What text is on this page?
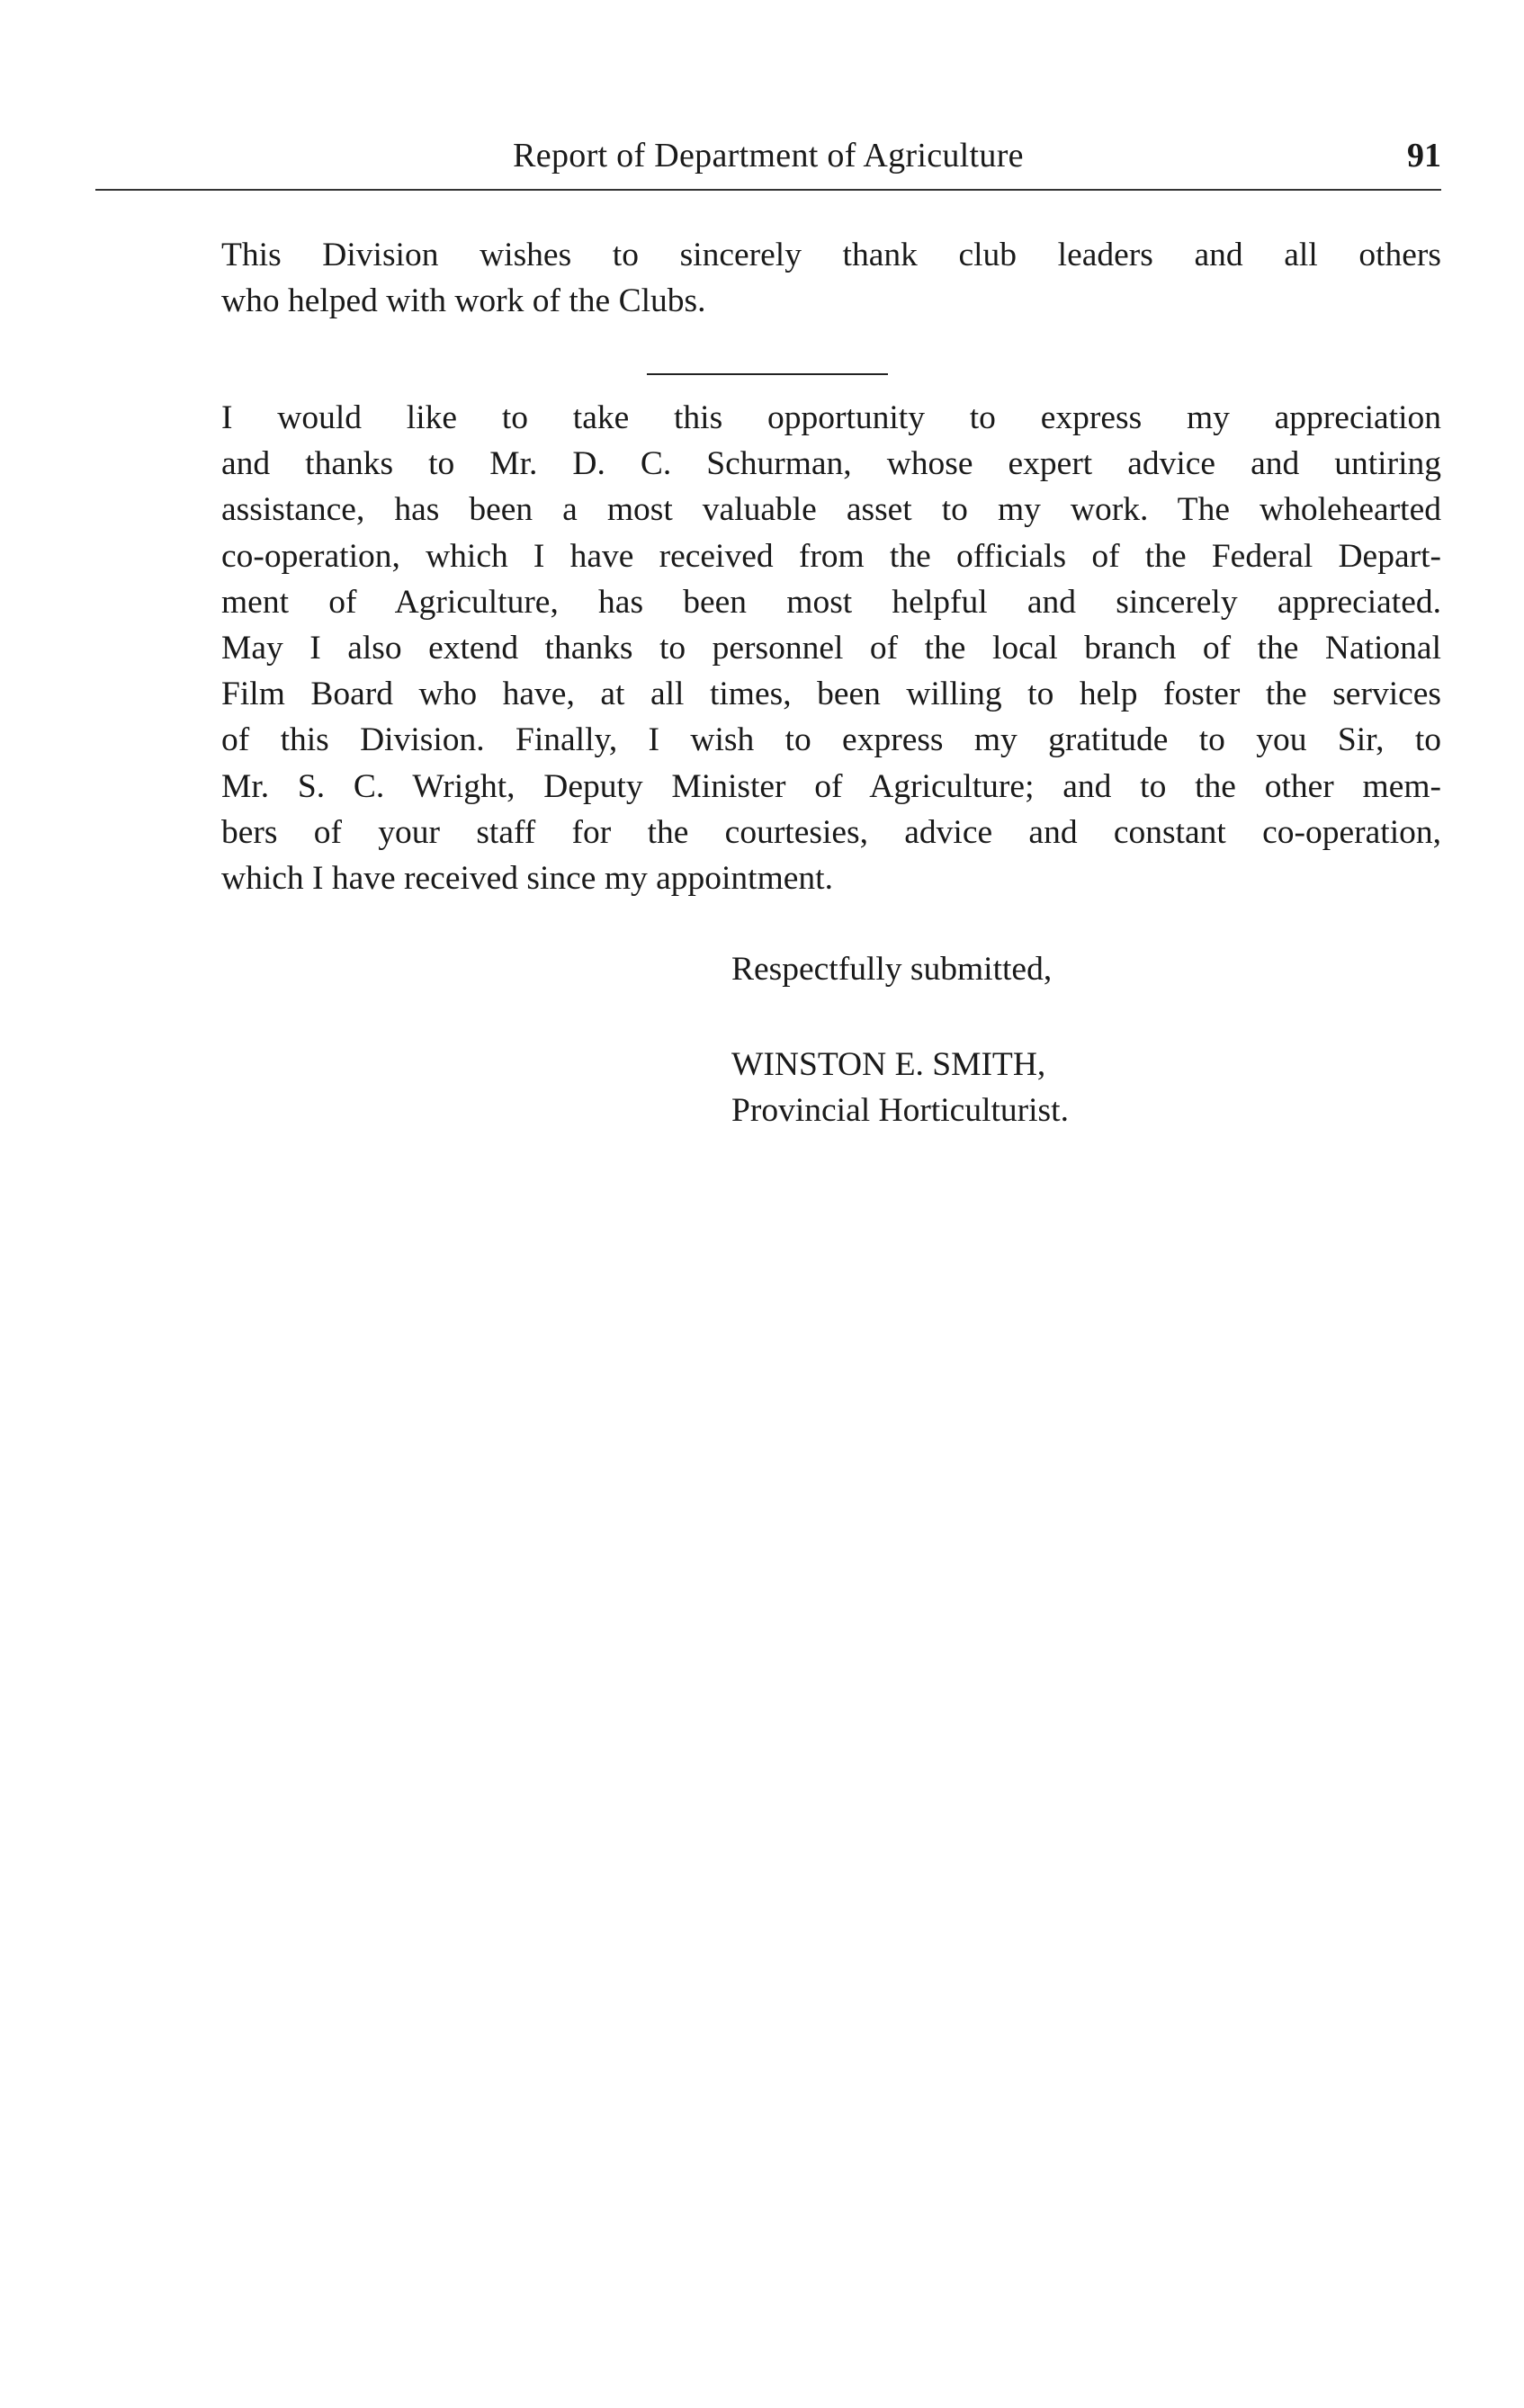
Report of Department of Agriculture	91
This Division wishes to sincerely thank club leaders and all others
who helped with work of the Clubs.
I would like to take this opportunity to express my appreciation
and thanks to Mr. D. C. Schurman, whose expert advice and untiring
assistance, has been a most valuable asset to my work. The wholehearted
co-operation, which I have received from the officials of the Federal Depart-
ment of Agriculture, has been most helpful and sincerely appreciated.
May I also extend thanks to personnel of the local branch of the National
Film Board who have, at all times, been willing to help foster the services
of this Division. Finally, I wish to express my gratitude to you Sir, to
Mr. S. C. Wright, Deputy Minister of Agriculture; and to the other mem-
bers of your staff for the courtesies, advice and constant co-operation,
which I have received since my appointment.
Respectfully submitted,
WINSTON E. SMITH,
Provincial Horticulturist.
